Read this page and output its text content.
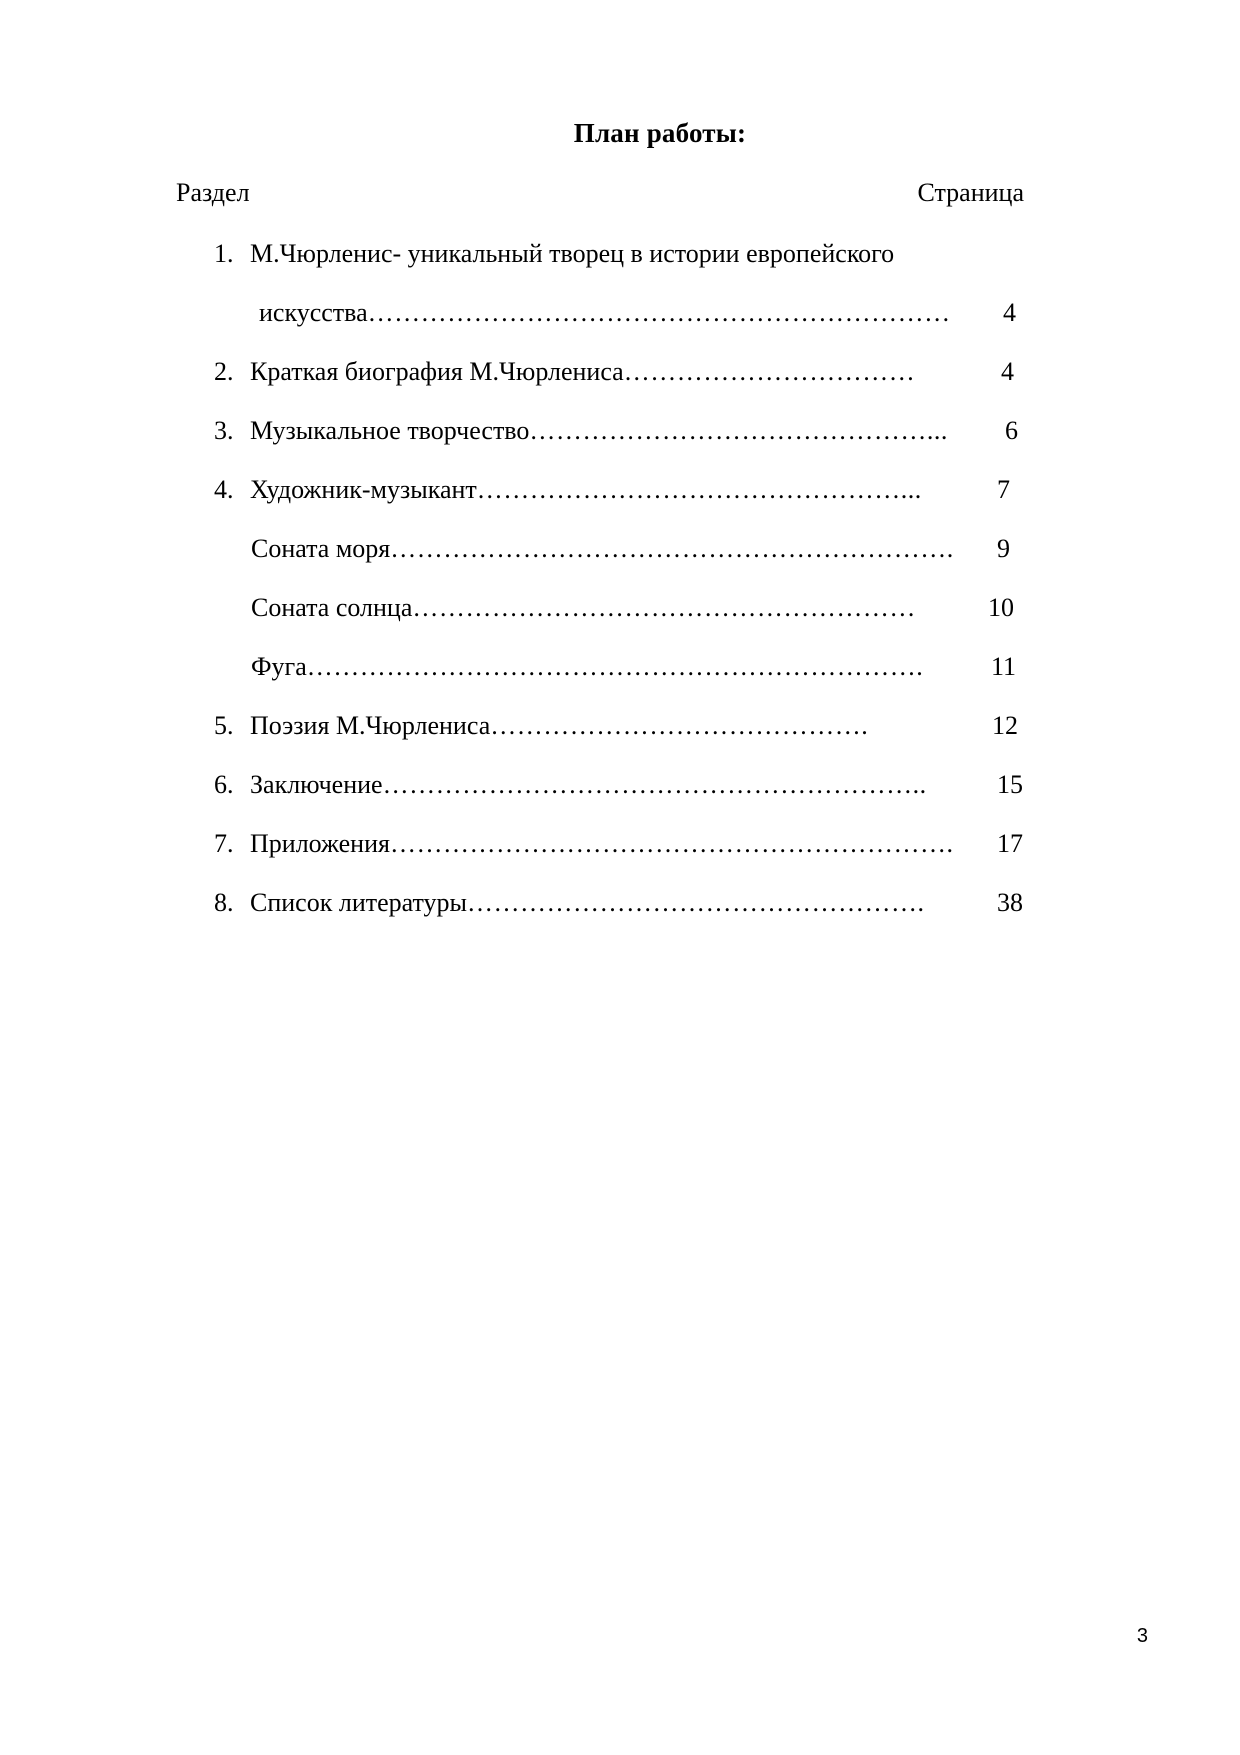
План работы:
Раздел	Страница
1. М.Чюрленис- уникальный творец в истории европейского
искусства…………………………………………………………	4
2. Краткая биография М.Чюрлениса……………………………	4
3. Музыкальное творчество………………………………………...	6
4. Художник-музыкант…………………………………………...	7
Соната моря……………………………………………………….	9
Соната солнца…………………………………………………	10
Фуга…………………………………………………………….	11
5. Поэзия М.Чюрлениса…………………………………….	12
6. Заключение……………………………………………………..	15
7. Приложения……………………………………………………….	17
8. Список литературы…………………………………………….	38
3
